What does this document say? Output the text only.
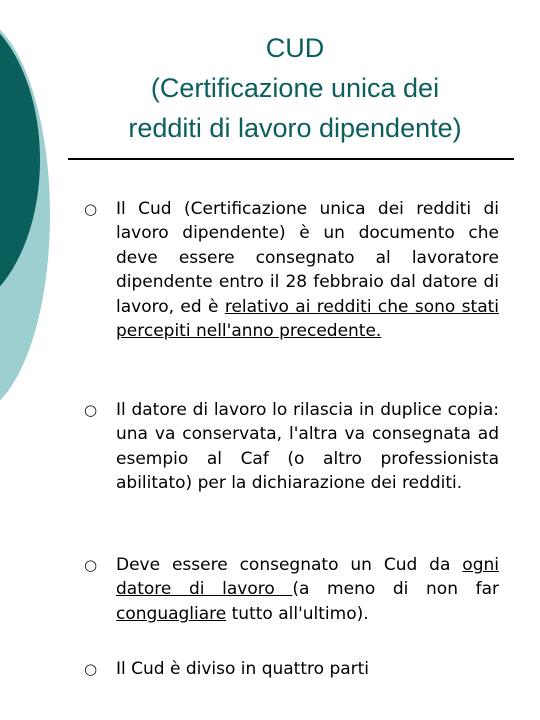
CUD
(Certificazione unica dei
redditi di lavoro dipendente)
○	Il Cud (Certificazione unica dei redditi di lavoro dipendente) è un documento che deve essere consegnato al lavoratore dipendente entro il 28 febbraio dal datore di lavoro, ed è relativo ai redditi che sono stati percepiti nell'anno precedente.
○	Il datore di lavoro lo rilascia in duplice copia: una va conservata, l'altra va consegnata ad esempio al Caf (o altro professionista abilitato) per la dichiarazione dei redditi.
○	Deve essere consegnato un Cud da ogni datore di lavoro (a meno di non far conguagliare tutto all'ultimo).
○	Il Cud è diviso in quattro parti
